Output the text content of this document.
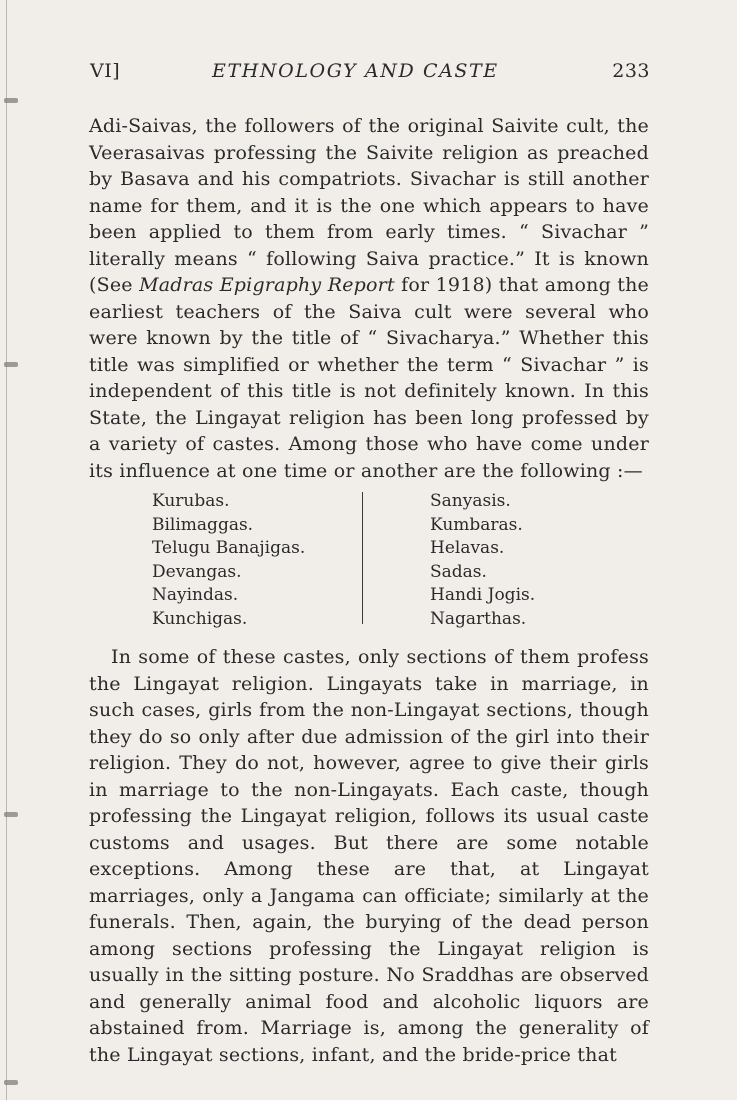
VI]	ETHNOLOGY AND CASTE	233

Adi-Saivas, the followers of the original Saivite cult, the Veerasaivas professing the Saivite religion as preached by Basava and his compatriots. Sivachar is still another name for them, and it is the one which appears to have been applied to them from early times. “ Sivachar ” literally means “ following Saiva practice.” It is known (See Madras Epigraphy Report for 1918) that among the earliest teachers of the Saiva cult were several who were known by the title of “ Sivacharya.” Whether this title was simplified or whether the term “ Sivachar ” is independent of this title is not definitely known. In this State, the Lingayat religion has been long professed by a variety of castes. Among those who have come under its influence at one time or another are the following :—

Kurubas.
Bilimaggas.
Telugu Banajigas.
Devangas.
Nayindas.
Kunchigas.
Sanyasis.
Kumbaras.
Helavas.
Sadas.
Handi Jogis.
Nagarthas.

In some of these castes, only sections of them profess the Lingayat religion. Lingayats take in marriage, in such cases, girls from the non-Lingayat sections, though they do so only after due admission of the girl into their religion. They do not, however, agree to give their girls in marriage to the non-Lingayats. Each caste, though professing the Lingayat religion, follows its usual caste customs and usages. But there are some notable exceptions. Among these are that, at Lingayat marriages, only a Jangama can officiate; similarly at the funerals. Then, again, the burying of the dead person among sections professing the Lingayat religion is usually in the sitting posture. No Sraddhas are observed and generally animal food and alcoholic liquors are abstained from. Marriage is, among the generality of the Lingayat sections, infant, and the bride-price that
